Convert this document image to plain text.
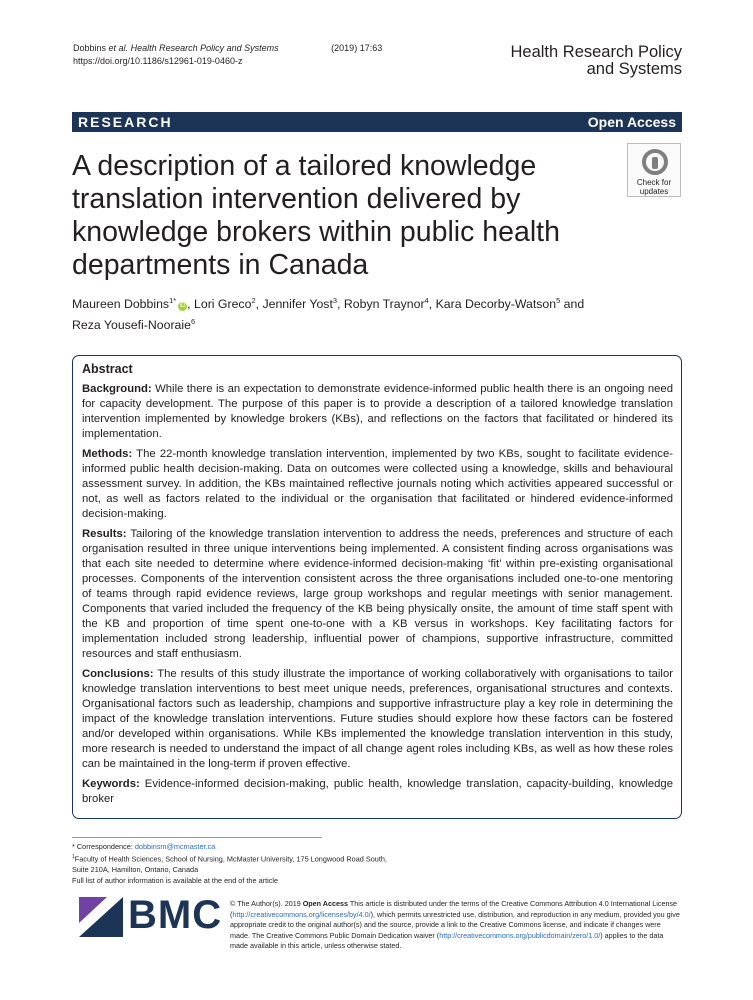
Dobbins et al. Health Research Policy and Systems	(2019) 17:63
https://doi.org/10.1186/s12961-019-0460-z	Health Research Policy
and Systems
RESEARCH	Open Access
A description of a tailored knowledge translation intervention delivered by knowledge brokers within public health departments in Canada
Check for
updates
Maureen Dobbins$^{1*}$iD , Lori Greco$^2$, Jennifer Yost$^3$, Robyn Traynor$^4$, Kara Decorby-Watson$^5$ and
Reza Yousefi-Nooraie$^6$
Abstract

Background: While there is an expectation to demonstrate evidence-informed public health there is an ongoing need for capacity development. The purpose of this paper is to provide a description of a tailored knowledge translation intervention implemented by knowledge brokers (KBs), and reflections on the factors that facilitated or hindered its implementation.

Methods: The 22-month knowledge translation intervention, implemented by two KBs, sought to facilitate evidence-informed public health decision-making. Data on outcomes were collected using a knowledge, skills and behavioural assessment survey. In addition, the KBs maintained reflective journals noting which activities appeared successful or not, as well as factors related to the individual or the organisation that facilitated or hindered evidence-informed decision-making.

Results: Tailoring of the knowledge translation intervention to address the needs, preferences and structure of each organisation resulted in three unique interventions being implemented. A consistent finding across organisations was that each site needed to determine where evidence-informed decision-making ‘fit’ within pre-existing organisational processes. Components of the intervention consistent across the three organisations included one-to-one mentoring of teams through rapid evidence reviews, large group workshops and regular meetings with senior management. Components that varied included the frequency of the KB being physically onsite, the amount of time staff spent with the KB and proportion of time spent one-to-one with a KB versus in workshops. Key facilitating factors for implementation included strong leadership, influential power of champions, supportive infrastructure, committed resources and staff enthusiasm.

Conclusions: The results of this study illustrate the importance of working collaboratively with organisations to tailor knowledge translation interventions to best meet unique needs, preferences, organisational structures and contexts. Organisational factors such as leadership, champions and supportive infrastructure play a key role in determining the impact of the knowledge translation interventions. Future studies should explore how these factors can be fostered and/or developed within organisations. While KBs implemented the knowledge translation intervention in this study, more research is needed to understand the impact of all change agent roles including KBs, as well as how these roles can be maintained in the long-term if proven effective.

Keywords: Evidence-informed decision-making, public health, knowledge translation, capacity-building, knowledge broker

* Correspondence: dobbinsm@mcmaster.ca
$^1$Faculty of Health Sciences, School of Nursing, McMaster University, 175 Longwood Road South, Suite 210A, Hamilton, Ontario, Canada
Full list of author information is available at the end of the article
BMC © The Author(s). 2019 Open Access This article is distributed under the terms of the Creative Commons Attribution 4.0 International License (http://creativecommons.org/licenses/by/4.0/), which permits unrestricted use, distribution, and reproduction in any medium, provided you give appropriate credit to the original author(s) and the source, provide a link to the Creative Commons license, and indicate if changes were made. The Creative Commons Public Domain Dedication waiver (http://creativecommons.org/publicdomain/zero/1.0/) applies to the data made available in this article, unless otherwise stated.
